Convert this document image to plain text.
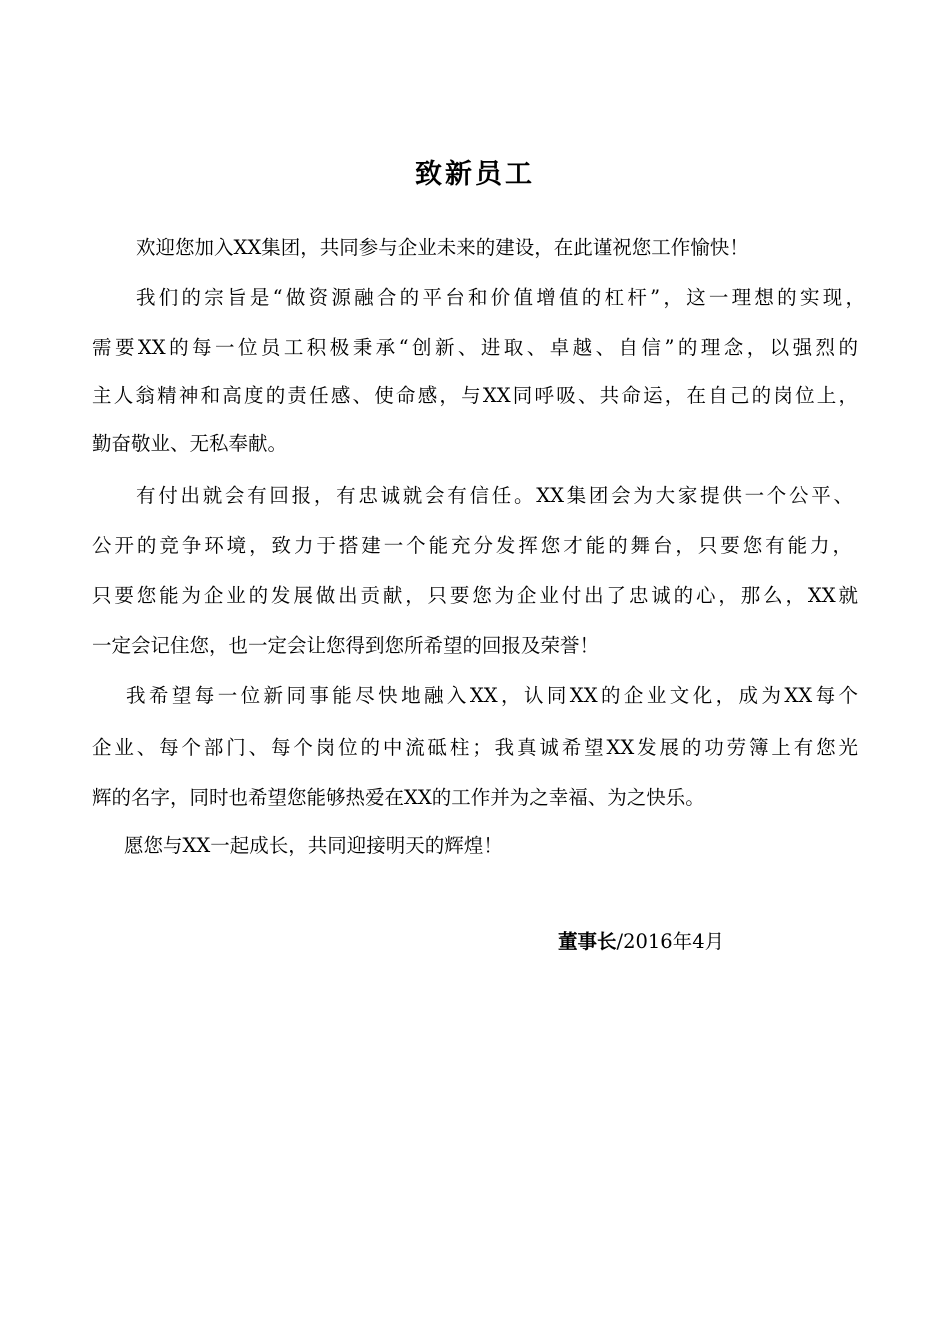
致新员工

欢迎您加入XX集团，共同参与企业未来的建设，在此谨祝您工作愉快！

我们的宗旨是“做资源融合的平台和价值增值的杠杆”，这一理想的实现，

需要XX的每一位员工积极秉承“创新、进取、卓越、自信”的理念，以强烈的

主人翁精神和高度的责任感、使命感，与XX同呼吸、共命运，在自己的岗位上，

勤奋敬业、无私奉献。

有付出就会有回报，有忠诚就会有信任。XX集团会为大家提供一个公平、

公开的竞争环境，致力于搭建一个能充分发挥您才能的舞台，只要您有能力，

只要您能为企业的发展做出贡献，只要您为企业付出了忠诚的心，那么，XX就

一定会记住您，也一定会让您得到您所希望的回报及荣誉！

我希望每一位新同事能尽快地融入XX，认同XX的企业文化，成为XX每个

企业、每个部门、每个岗位的中流砥柱；我真诚希望XX发展的功劳簿上有您光

辉的名字，同时也希望您能够热爱在XX的工作并为之幸福、为之快乐。

愿您与XX一起成长，共同迎接明天的辉煌！

董事长/2016年4月
